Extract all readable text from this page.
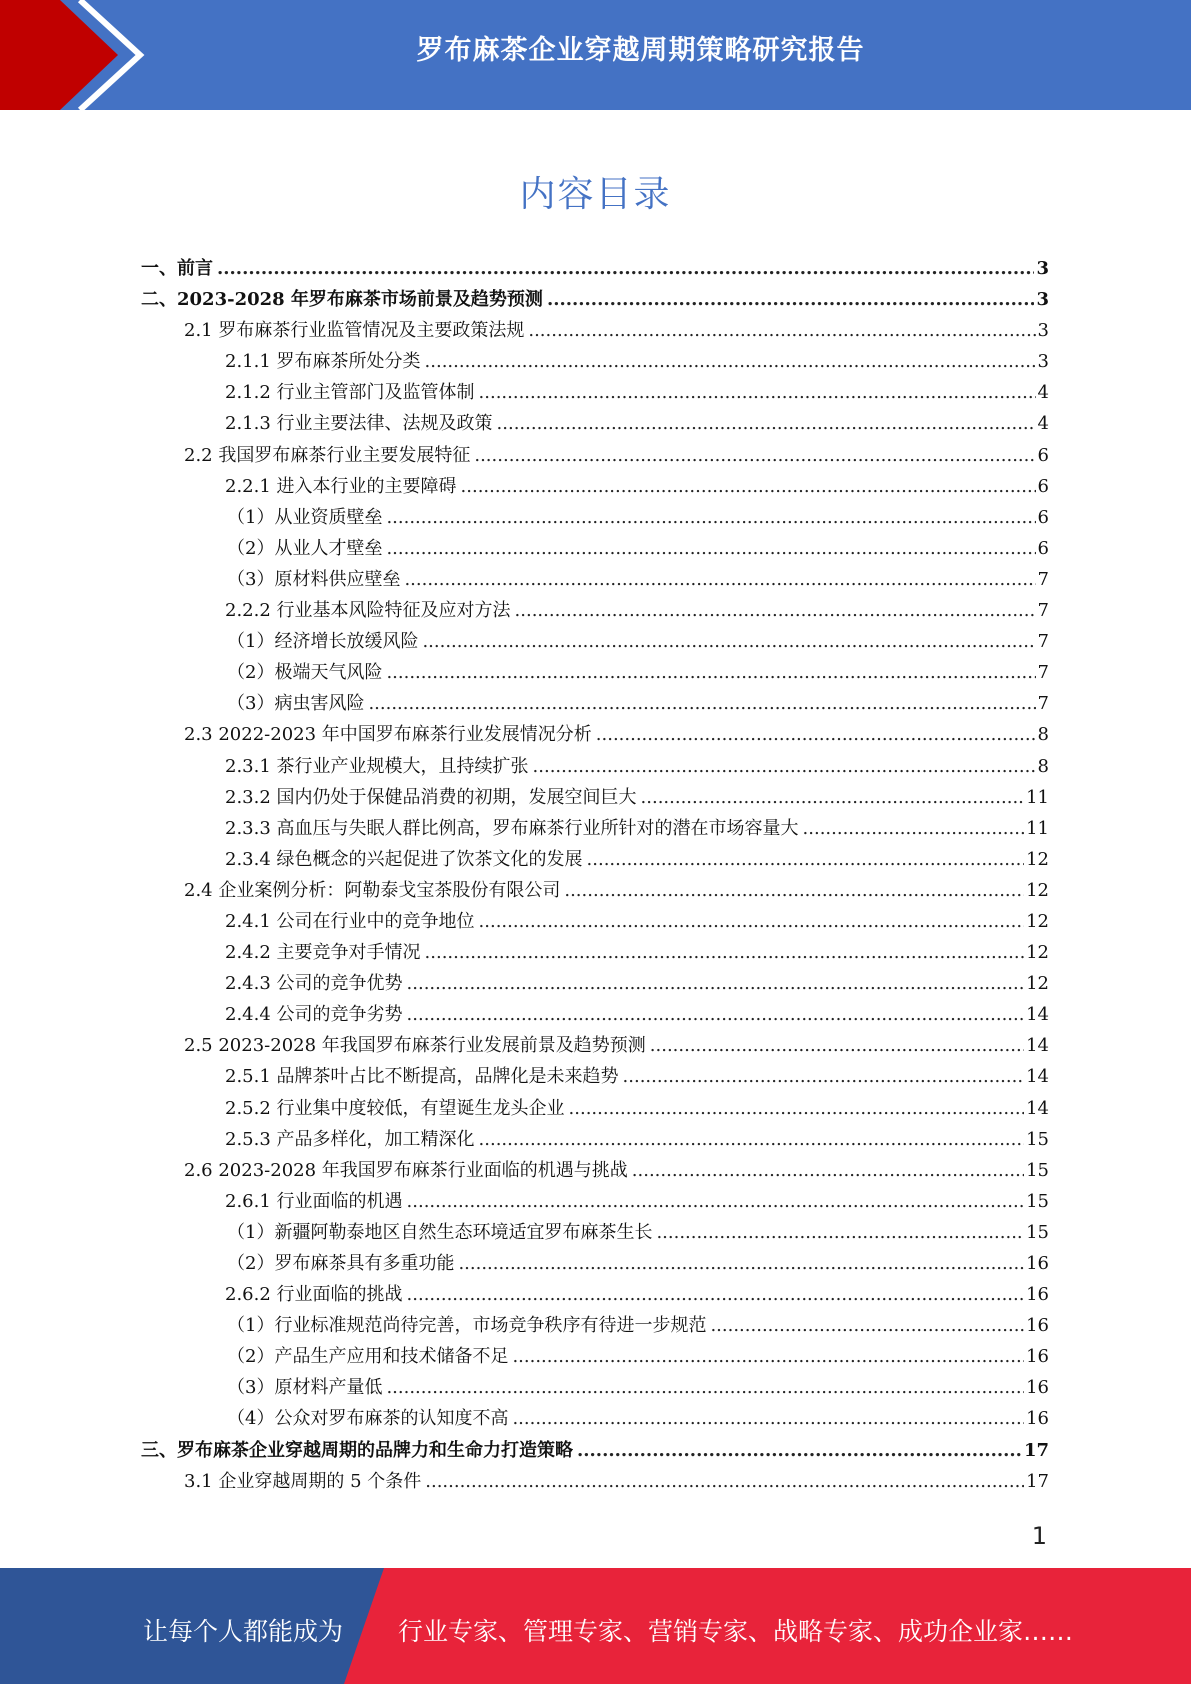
罗布麻茶企业穿越周期策略研究报告
内容目录
一、前言 .....	3
二、2023-2028 年罗布麻茶市场前景及趋势预测 .....	3
2.1 罗布麻茶行业监管情况及主要政策法规 .....	3
2.1.1 罗布麻茶所处分类 .....	3
2.1.2 行业主管部门及监管体制 .....	4
2.1.3 行业主要法律、法规及政策 .....	4
2.2 我国罗布麻茶行业主要发展特征 .....	6
2.2.1 进入本行业的主要障碍 .....	6
（1）从业资质壁垒 .....	6
（2）从业人才壁垒 .....	6
（3）原材料供应壁垒 .....	7
2.2.2 行业基本风险特征及应对方法 .....	7
（1）经济增长放缓风险 .....	7
（2）极端天气风险 .....	7
（3）病虫害风险 .....	7
2.3 2022-2023 年中国罗布麻茶行业发展情况分析 .....	8
2.3.1 茶行业产业规模大，且持续扩张 .....	8
2.3.2 国内仍处于保健品消费的初期，发展空间巨大 .....	11
2.3.3 高血压与失眠人群比例高，罗布麻茶行业所针对的潜在市场容量大 .....	11
2.3.4 绿色概念的兴起促进了饮茶文化的发展 .....	12
2.4 企业案例分析：阿勒泰戈宝茶股份有限公司 .....	12
2.4.1 公司在行业中的竞争地位 .....	12
2.4.2 主要竞争对手情况 .....	12
2.4.3 公司的竞争优势 .....	12
2.4.4 公司的竞争劣势 .....	14
2.5 2023-2028 年我国罗布麻茶行业发展前景及趋势预测 .....	14
2.5.1 品牌茶叶占比不断提高，品牌化是未来趋势 .....	14
2.5.2 行业集中度较低，有望诞生龙头企业 .....	14
2.5.3 产品多样化，加工精深化 .....	15
2.6 2023-2028 年我国罗布麻茶行业面临的机遇与挑战 .....	15
2.6.1 行业面临的机遇 .....	15
（1）新疆阿勒泰地区自然生态环境适宜罗布麻茶生长 .....	15
（2）罗布麻茶具有多重功能 .....	16
2.6.2 行业面临的挑战 .....	16
（1）行业标准规范尚待完善，市场竞争秩序有待进一步规范 .....	16
（2）产品生产应用和技术储备不足 .....	16
（3）原材料产量低 .....	16
（4）公众对罗布麻茶的认知度不高 .....	16
三、罗布麻茶企业穿越周期的品牌力和生命力打造策略 .....	17
3.1 企业穿越周期的 5 个条件 .....	17
1
让每个人都能成为 行业专家、管理专家、营销专家、战略专家、成功企业家……
